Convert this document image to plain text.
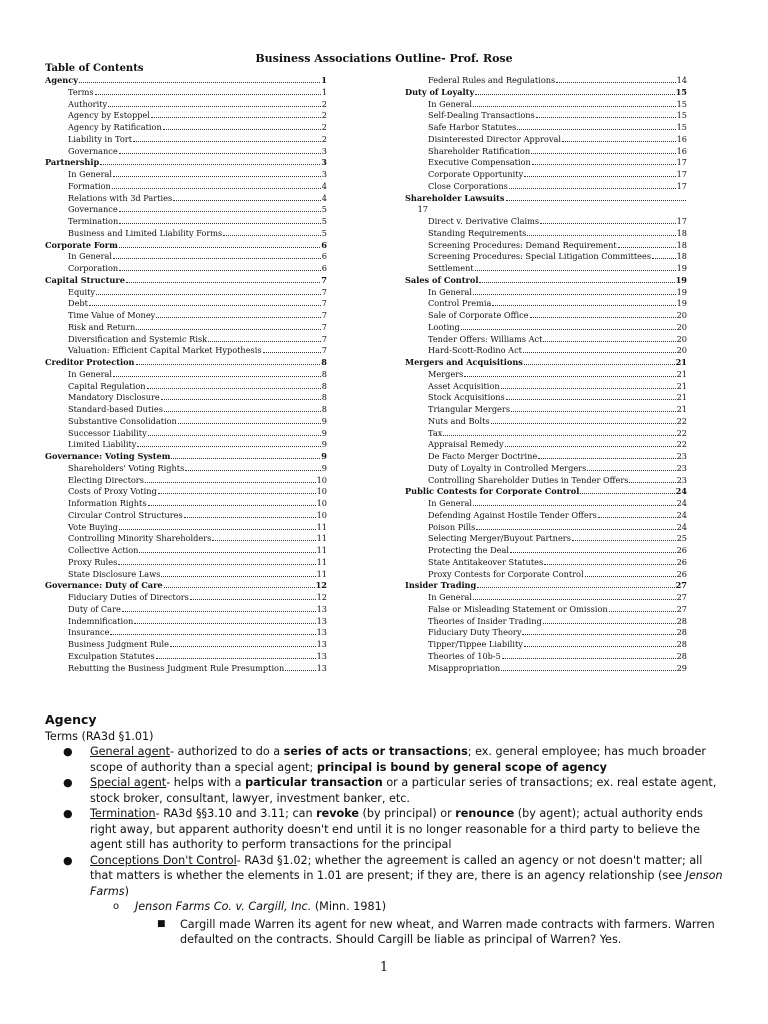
Business Associations Outline- Prof. Rose
Table of Contents
Agency	1
Terms	1
Authority	2
Agency by Estoppel	2
Agency by Ratification	2
Liability in Tort	2
Governance	3
Partnership	3
In General	3
Formation	4
Relations with 3d Parties	4
Governance	5
Termination	5
Business and Limited Liability Forms	5
Corporate Form	6
In General	6
Corporation	6
Capital Structure	7
Equity	7
Debt	7
Time Value of Money	7
Risk and Return	7
Diversification and Systemic Risk	7
Valuation: Efficient Capital Market Hypothesis	7
Creditor Protection	8
In General	8
Capital Regulation	8
Mandatory Disclosure	8
Standard-based Duties	8
Substantive Consolidation	9
Successor Liability	9
Limited Liability	9
Governance: Voting System	9
Shareholders' Voting Rights	9
Electing Directors	10
Costs of Proxy Voting	10
Information Rights	10
Circular Control Structures	10
Vote Buying	11
Controlling Minority Shareholders	11
Collective Action	11
Proxy Rules	11
State Disclosure Laws	11
Governance: Duty of Care	12
Fiduciary Duties of Directors	12
Duty of Care	13
Indemnification	13
Insurance	13
Business Judgment Rule	13
Exculpation Statutes	13
Rebutting the Business Judgment Rule Presumption	13
Federal Rules and Regulations	14
Duty of Loyalty	15
In General	15
Self-Dealing Transactions	15
Safe Harbor Statutes	15
Disinterested Director Approval	16
Shareholder Ratification	16
Executive Compensation	17
Corporate Opportunity	17
Close Corporations	17
Shareholder Lawsuits
17
Direct v. Derivative Claims	17
Standing Requirements	18
Screening Procedures: Demand Requirement	18
Screening Procedures: Special Litigation Committees	18
Settlement	19
Sales of Control	19
In General	19
Control Premia	19
Sale of Corporate Office	20
Looting	20
Tender Offers: Williams Act	20
Hard-Scott-Rodino Act	20
Mergers and Acquisitions	21
Mergers	21
Asset Acquisition	21
Stock Acquisitions	21
Triangular Mergers	21
Nuts and Bolts	22
Tax	22
Appraisal Remedy	22
De Facto Merger Doctrine	23
Duty of Loyalty in Controlled Mergers	23
Controlling Shareholder Duties in Tender Offers	23
Public Contests for Corporate Control	24
In General	24
Defending Against Hostile Tender Offers	24
Poison Pills	24
Selecting Merger/Buyout Partners	25
Protecting the Deal	26
State Antitakeover Statutes	26
Proxy Contests for Corporate Control	26
Insider Trading	27
In General	27
False or Misleading Statement or Omission	27
Theories of Insider Trading	28
Fiduciary Duty Theory	28
Tipper/Tippee Liability	28
Theories of 10b-5	28
Misappropriation	29
Agency
Terms (RA3d §1.01)
● General agent- authorized to do a series of acts or transactions; ex. general employee; has much broader scope of authority than a special agent; principal is bound by general scope of agency
● Special agent- helps with a particular transaction or a particular series of transactions; ex. real estate agent, stock broker, consultant, lawyer, investment banker, etc.
● Termination- RA3d §§3.10 and 3.11; can revoke (by principal) or renounce (by agent); actual authority ends right away, but apparent authority doesn't end until it is no longer reasonable for a third party to believe the agent still has authority to perform transactions for the principal
● Conceptions Don't Control- RA3d §1.02; whether the agreement is called an agency or not doesn't matter; all that matters is whether the elements in 1.01 are present; if they are, there is an agency relationship (see Jenson Farms)
o Jenson Farms Co. v. Cargill, Inc. (Minn. 1981)
■ Cargill made Warren its agent for new wheat, and Warren made contracts with farmers. Warren defaulted on the contracts. Should Cargill be liable as principal of Warren? Yes.
1
